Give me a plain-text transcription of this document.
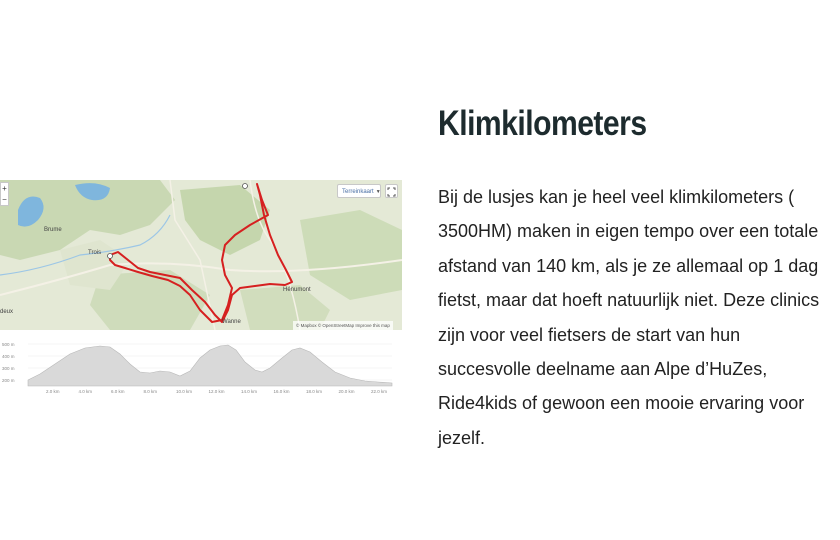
+
−
Terreinkaart ▼
Brume
Trois
Hénumont
Wanne
deux
© Mapbox © OpenStreetMap Improve this map
500 m
400 m
300 m
200 m
2.0 km	4.0 km	6.0 km	8.0 km	10.0 km	12.0 km	14.0 km	16.0 km	18.0 km	20.0 km	22.0 km
Klimkilometers

Bij de lusjes kan je heel veel klimkilometers ( 3500HM) maken in eigen tempo over een totale afstand van 140 km, als je ze allemaal op 1 dag fietst, maar dat hoeft natuurlijk niet. Deze clinics zijn voor veel fietsers de start van hun succesvolle deelname aan Alpe d’HuZes, Ride4kids of gewoon een mooie ervaring voor jezelf.
